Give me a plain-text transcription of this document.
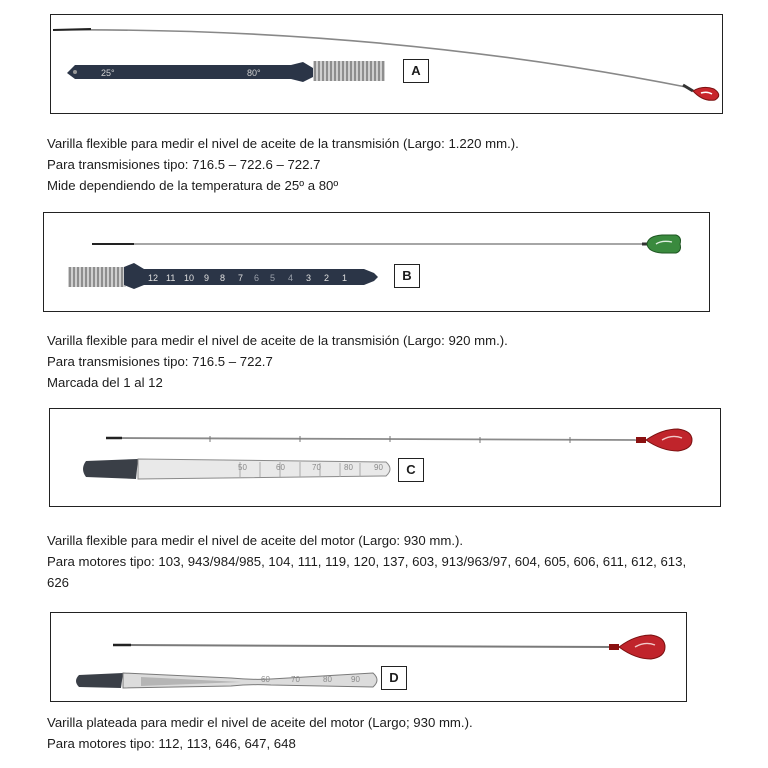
25°	80°	A
Varilla flexible para medir el nivel de aceite de la transmisión (Largo: 1.220 mm.).
Para transmisiones tipo: 716.5 – 722.6 – 722.7
Mide dependiendo de la temperatura de 25º a 80º
12 11 10 9 8 7 6 5 4 3 2 1	B
Varilla flexible para medir el nivel de aceite de la transmisión (Largo: 920 mm.).
Para transmisiones tipo: 716.5 – 722.7
Marcada del 1 al 12
50	60	70	80	90	C
Varilla flexible para medir el nivel de aceite del motor (Largo: 930 mm.).
Para motores tipo: 103, 943/984/985, 104, 111, 119, 120, 137, 603, 913/963/97, 604, 605, 606, 611, 612, 613, 626
60	70	80 90	D
Varilla plateada para medir el nivel de aceite del motor (Largo; 930 mm.).
Para motores tipo: 112, 113, 646, 647, 648
